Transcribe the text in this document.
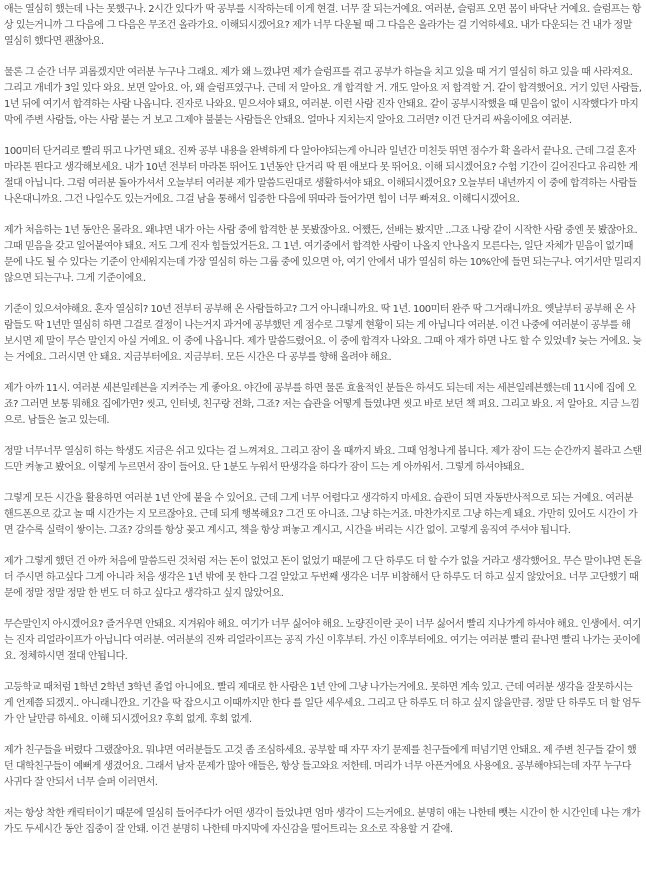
애는 열심히 했는데 나는 못했구나. 2시간 있다가 딱 공부를 시작하는데 이게 현결. 너무 잘 되는거예요. 여러분, 슬럼프 오면 몸이 바닥난 거예요. 슬럼프는 항상 있는거니까 그 다음에 그 다음은 무조건 올라가요. 이해되시겠어요? 제가 너무 다운될 때 그 다음은 올라가는 걸 기억하세요. 내가 다운되는 건 내가 정말 열심히 했다면 괜찮아요.

물론 그 순간 너무 괴롭겠지만 여러분 누구나 그래요. 제가 왜 느꼈냐면 제가 슬럼프를 겪고 공부가 하늘을 치고 있을 때 거기 열심히 하고 있을 때 사라져요. 그리고 개네가 3일 있다 와요. 보면 알아요. 아, 왜 슬럼프였구나. 근데 저 알아요. 개 합격할 거. 개도 알아요 저 합격할 거. 같이 합격했어요. 거기 있던 사람들, 1년 뒤에 여기서 합격하는 사람 나옵니다. 진자로 나와요. 믿으셔야 돼요, 여러분. 이런 사람 진자 안돼요. 같이 공부시작했을 때 믿음이 없이 시작했다가 마지막에 주변 사람들, 아는 사람 붙는 거 보고 그제야 불붙는 사람들은 안돼요. 얼마나 지치는지 알아요 그러면? 이건 단거리 싸움이에요 여러분.

100미터 단거리로 빨리 뛰고 나가면 돼요. 진짜 공부 내용을 완벽하게 다 알아야되는게 아니라 일년간 미친듯 뛰면 점수가 확 올라서 끝나요. 근데 그걸 혼자 마라톤 뛴다고 생각해보세요. 내가 10년 전부터 마라톤 뛰어도 1년동안 단거리 딱 뛴 애보다 못 뛰어요. 이해 되시겠어요? 수험 기간이 길어진다고 유리한 게 절대 아닙니다. 그럼 여러분 돌아가셔서 오늘부터 여러분 제가 말씀드린대로 생활하셔야 돼요. 이해되시겠어요? 오늘부터 내년까지 이 중에 합격하는 사람들 나온대니까요. 그건 나일수도 있는거에요. 그걸 남을 통해서 입증한 다음에 뛰따라 들어가면 힘이 너무 빠져요. 이해디시겠어요.

제가 처음하는 1년 동안은 몰라요. 왜냐면 내가 아는 사람 중에 합격한 분 못봤잖아요. 어쨌든, 선배는 봤지만 ..그죠 나랑 같이 시작한 사람 중엔 못 봤잖아요. 그때 믿음을 갖고 일어붙여야 돼요. 저도 그게 진자 힘들었거든요. 그 1년. 여기중에서 합격한 사람이 나올지 안나올지 모른다는, 일단 자체가 믿음이 없기때문에 나도 될 수 있다는 기준이 안세워지는데 가장 열심히 하는 그룹 중에 있으면 아, 여기 안에서 내가 열심히 하는 10%안에 들면 되는구나. 여기서만 밀리지 않으면 되는구나. 그게 기준이에요.

기준이 있으셔야해요. 혼자 열심히? 10년 전부터 공부해 온 사람들하고? 그거 아니래니까요. 딱 1년. 100미터 완주 딱 그거래니까요. 옛날부터 공부해 온 사람들도 딱 1년만 열심히 하면 그걸로 결정이 나는거지 과거에 공부했던 게 점수로 그렇게 현황이 되는 게 아닙니다 여러분. 이건 나중에 여러분이 공부를 해 보시면 제 말이 무슨 말인지 아실 거예요. 이 중에 나옵니다. 제가 말씀드렸어요. 이 중에 합격자 나와요. 그때 아 재가 하면 나도 할 수 있었네? 늦는 거에요. 늦는 거에요. 그러시면 안 돼요. 지금부터에요. 지금부터. 모든 시간은 다 공부를 향해 올려야 해요.

제가 아까 11시. 여러분 세븐일레븐을 지켜주는 게 좋아요. 야간에 공부를 하면 물론 효율적인 분들은 하셔도 되는데 저는 세븐일레븐했는데 11시에 집에 오죠? 그러면 보통 뭐해요 집에가면? 씻고, 인터넷, 친구랑 전화, 그죠? 저는 습관을 어떻게 들였냐면 씻고 바로 보던 책 펴요. 그리고 봐요. 저 알아요. 지금 느낌으로. 남들은 놀고 있는데.

정말 너무너무 열심히 하는 학생도 지금은 쉬고 있다는 걸 느껴져요. 그리고 잠이 올 때까지 봐요. 그때 엄청나게 봅니다. 제가 잠이 드는 순간까지 볼라고 스탠드만 켜놓고 봤어요. 이렇게 누르면서 잠이 들어요. 단 1분도 누워서 딴생각을 하다가 잠이 드는 게 아까워서. 그렇게 하셔야돼요.

그렇게 모든 시간을 활용하면 여러분 1년 안에 붙을 수 있어요. 근데 그게 너무 어렵다고 생각하지 마세요. 습관이 되면 자동반사적으로 되는 거예요. 여러분 핸드폰으로 갔고 놀 때 시간가는 지 모르잖아요. 근데 되게 행복해요? 그건 또 아니죠. 그냥 하는거죠. 마찬가지로 그냥 하는게 돼요. 가만히 있어도 시간이 가면 갈수록 실력이 쌓이는. 그죠? 강의를 항상 꽂고 계시고, 책을 항상 펴놓고 계시고, 시간을 버리는 시간 없이. 고렇게 움직여 주셔야 됩니다.

제가 그렇게 했던 건 아까 처음에 말씀드린 것처럼 저는 돈이 없었고 돈이 없었기 때문에 그 단 하루도 더 할 수가 없을 거라고 생각했어요. 무슨 말이냐면 돈을 더 주시면 하고싶다 그게 아니라 처음 생각은 1년 밖에 못 한다 그걸 알았고 두번째 생각은 너무 비참해서 단 하루도 더 하고 싶지 않았어요. 너무 고단했기 때문에 정말 정말 정말 한 번도 더 하고 싶다고 생각하고 싶지 않았어요.

무슨말인지 아시겠어요? 즐거우면 안돼요. 지겨워야 해요. 여기가 너무 싫어야 해요. 노량진이란 곳이 너무 싫어서 빨리 지나가게 하셔야 해요. 인생에서. 여기는 진자 리얼라이프가 아닙니다 여러분. 여러분의 진짜 리얼라이프는 공직 가신 이후부터. 가신 이후부터에요. 여기는 여러분 빨리 끝나면 빨리 나가는 곳이에요. 정체하시면 절대 안됩니다.

고등학교 때처럼 1학년 2학년 3학년 졸업 아니에요. 빨리 제대로 한 사람은 1년 안에 그냥 나가는거에요. 못하면 계속 있고. 근데 여러분 생각을 잘못하시는 게 언제쯤 되겠지.. 아니래니깐요. 기간을 딱 잡으시고 이때까지만 한다 를 일단 세우세요. 그리고 단 하루도 더 하고 싶지 않을만큼. 정말 단 하루도 더 할 엄두가 안 날만큼 하세요. 이해 되시겠어요? 후회 없게. 후회 없게.

제가 친구들을 버렸다 그랬잖아요. 뭐냐면 여러분들도 고것 좀 조심하세요. 공부할 때 자꾸 자기 문제를 친구들에게 떠넘기면 안돼요. 제 주변 친구들 같이 했던 대학친구들이 예뻐게 생겼어요. 그래서 남자 문제가 많아 애들은, 항상 들고와요 저한테. 머리가 너무 아픈거에요 사용에요. 공부해야되는데 자꾸 누구다 사귀다 잘 안되서 너무 슬퍼 이러면서.

저는 항상 착한 캐릭터이기 때문에 열심히 들어주다가 어떤 생각이 들었냐면 엄마 생각이 드는거에요. 분명히 얘는 나한테 뺏는 시간이 한 시간인데 나는 걔가 가도 두세시간 동안 집중이 잘 안돼. 이건 분명히 나한테 마지막에 자신감을 떨어트리는 요소로 작용할 거 같애.
